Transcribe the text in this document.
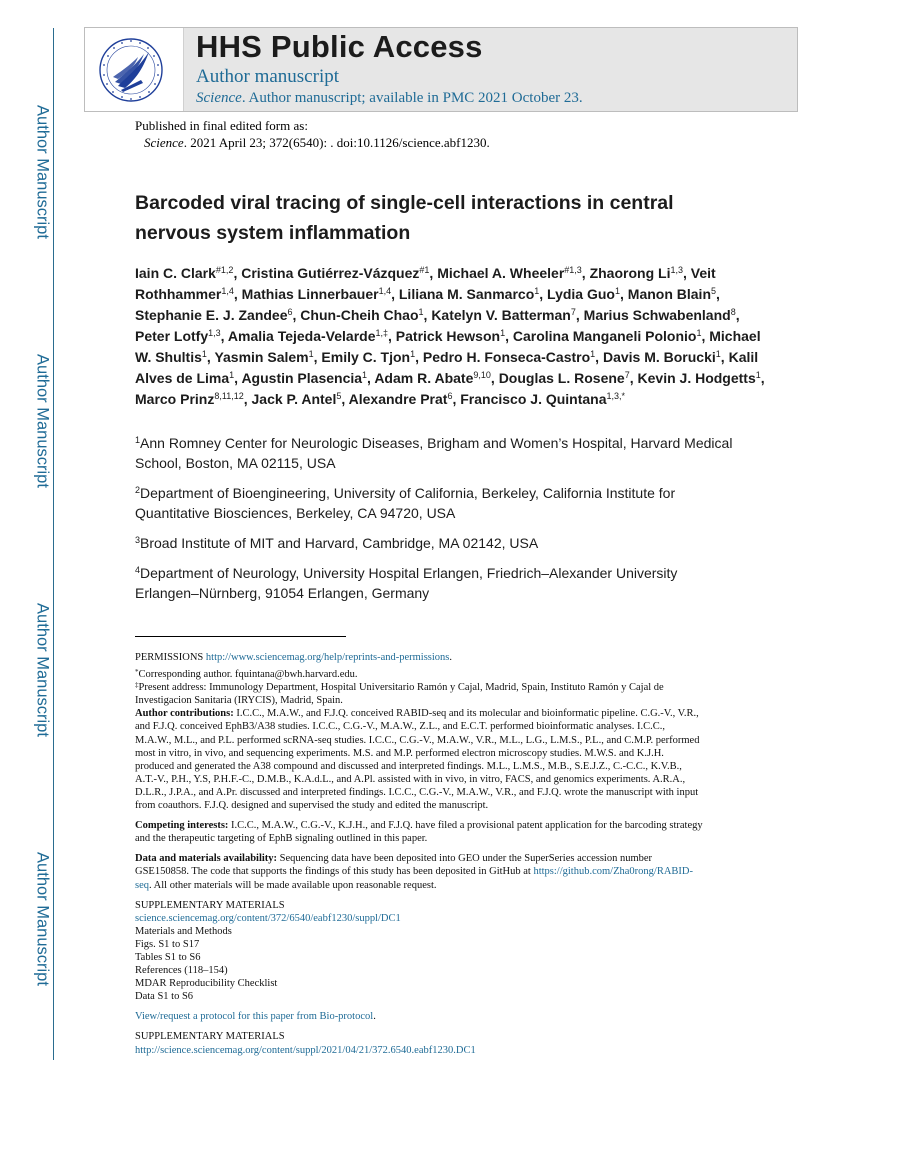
Author Manuscript
Author Manuscript
Author Manuscript
Author Manuscript
HHS Public Access
Author manuscript
Science. Author manuscript; available in PMC 2021 October 23.
Published in final edited form as:
Science. 2021 April 23; 372(6540): . doi:10.1126/science.abf1230.
Barcoded viral tracing of single-cell interactions in central
nervous system inflammation
Iain C. Clark$^{\#1,2}$, Cristina Gutiérrez-Vázquez$^{\#1}$, Michael A. Wheeler$^{\#1,3}$, Zhaorong Li$^{1,3}$, Veit Rothhammer$^{1,4}$, Mathias Linnerbauer$^{1,4}$, Liliana M. Sanmarco$^1$, Lydia Guo$^1$, Manon Blain$^5$, Stephanie E. J. Zandee$^6$, Chun-Cheih Chao$^1$, Katelyn V. Batterman$^7$, Marius Schwabenland$^8$, Peter Lotfy$^{1,3}$, Amalia Tejeda-Velarde$^{1,\ddagger}$, Patrick Hewson$^1$, Carolina Manganeli Polonio$^1$, Michael W. Shultis$^1$, Yasmin Salem$^1$, Emily C. Tjon$^1$, Pedro H. Fonseca-Castro$^1$, Davis M. Borucki$^1$, Kalil Alves de Lima$^1$, Agustin Plasencia$^1$, Adam R. Abate$^{9,10}$, Douglas L. Rosene$^7$, Kevin J. Hodgetts$^1$, Marco Prinz$^{8,11,12}$, Jack P. Antel$^5$, Alexandre Prat$^6$, Francisco J. Quintana$^{1,3,*}$
$^1$Ann Romney Center for Neurologic Diseases, Brigham and Women’s Hospital, Harvard Medical
School, Boston, MA 02115, USA
$^2$Department of Bioengineering, University of California, Berkeley, California Institute for
Quantitative Biosciences, Berkeley, CA 94720, USA
$^3$Broad Institute of MIT and Harvard, Cambridge, MA 02142, USA
$^4$Department of Neurology, University Hospital Erlangen, Friedrich–Alexander University
Erlangen–Nürnberg, 91054 Erlangen, Germany

PERMISSIONS http://www.sciencemag.org/help/reprints-and-permissions.

*Corresponding author. fquintana@bwh.harvard.edu.

‡Present address: Immunology Department, Hospital Universitario Ramón y Cajal, Madrid, Spain, Instituto Ramón y Cajal de

Investigacion Sanitaria (IRYCIS), Madrid, Spain.

Author contributions: I.C.C., M.A.W., and F.J.Q. conceived RABID-seq and its molecular and bioinformatic pipeline. C.G.-V., V.R.,

and F.J.Q. conceived EphB3/A38 studies. I.C.C., C.G.-V., M.A.W., Z.L., and E.C.T. performed bioinformatic analyses. I.C.C.,

M.A.W., M.L., and P.L. performed scRNA-seq studies. I.C.C., C.G.-V., M.A.W., V.R., M.L., L.G., L.M.S., P.L., and C.M.P. performed

most in vitro, in vivo, and sequencing experiments. M.S. and M.P. performed electron microscopy studies. M.W.S. and K.J.H.

produced and generated the A38 compound and discussed and interpreted findings. M.L., L.M.S., M.B., S.E.J.Z., C.-C.C., K.V.B.,

A.T.-V., P.H., Y.S, P.H.F.-C., D.M.B., K.A.d.L., and A.Pl. assisted with in vivo, in vitro, FACS, and genomics experiments. A.R.A.,

D.L.R., J.P.A., and A.Pr. discussed and interpreted findings. I.C.C., C.G.-V., M.A.W., V.R., and F.J.Q. wrote the manuscript with input

from coauthors. F.J.Q. designed and supervised the study and edited the manuscript.

Competing interests: I.C.C., M.A.W., C.G.-V., K.J.H., and F.J.Q. have filed a provisional patent application for the barcoding strategy

and the therapeutic targeting of EphB signaling outlined in this paper.

Data and materials availability: Sequencing data have been deposited into GEO under the SuperSeries accession number

GSE150858. The code that supports the findings of this study has been deposited in GitHub at https://github.com/Zha0rong/RABID-

seq. All other materials will be made available upon reasonable request.

SUPPLEMENTARY MATERIALS

science.sciencemag.org/content/372/6540/eabf1230/suppl/DC1

Materials and Methods

Figs. S1 to S17

Tables S1 to S6

References (118–154)

MDAR Reproducibility Checklist

Data S1 to S6

View/request a protocol for this paper from Bio-protocol.

SUPPLEMENTARY MATERIALS

http://science.sciencemag.org/content/suppl/2021/04/21/372.6540.eabf1230.DC1
